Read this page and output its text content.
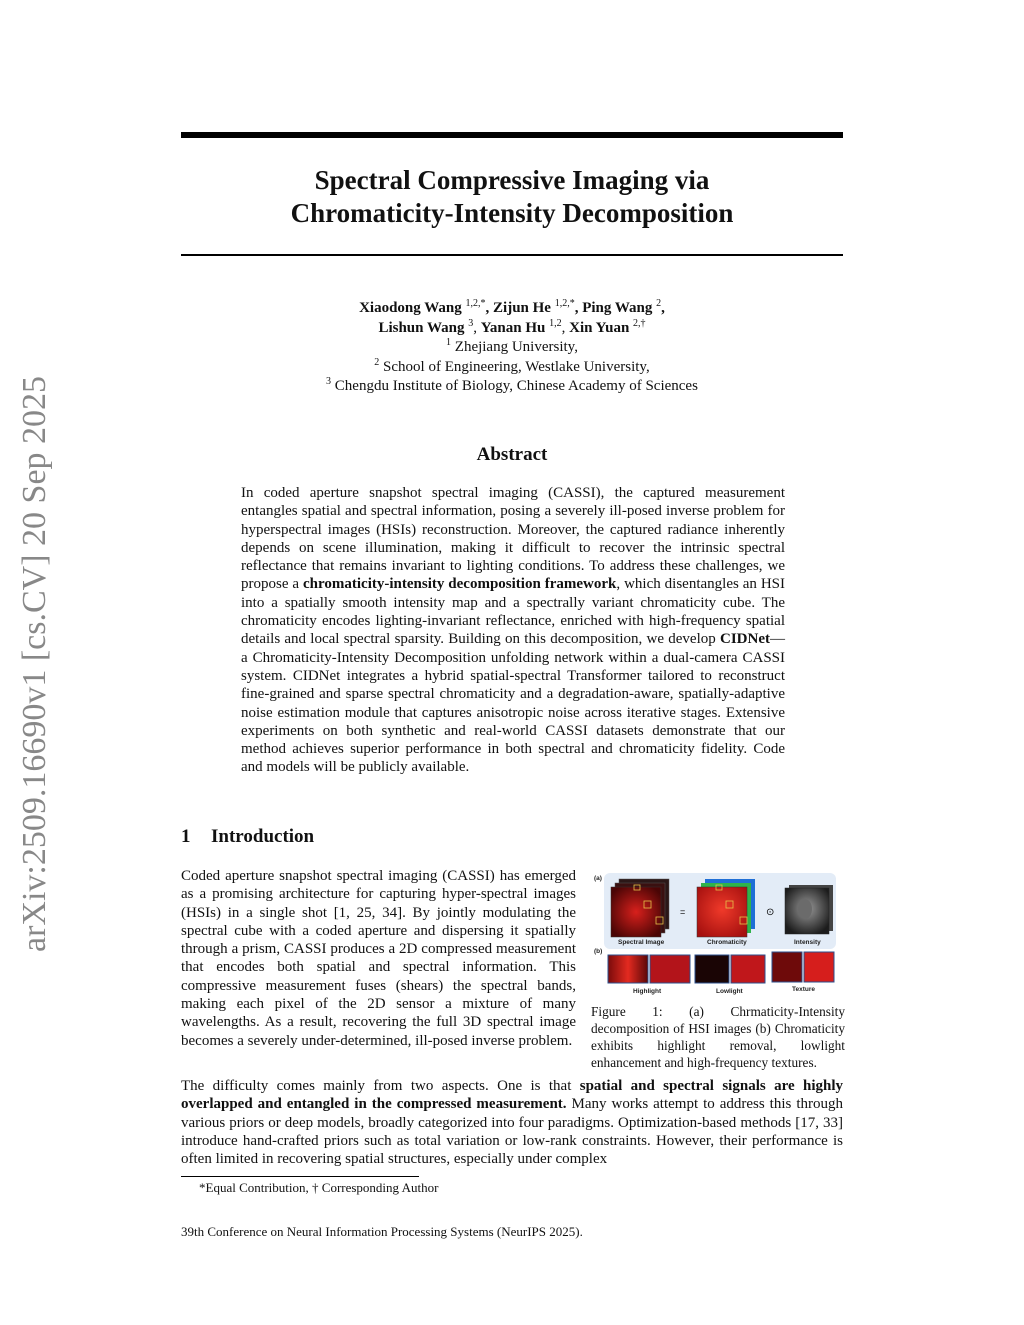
arXiv:2509.16690v1 [cs.CV] 20 Sep 2025
Spectral Compressive Imaging via
Chromaticity-Intensity Decomposition
Xiaodong Wang $^{1,2,*}$, Zijun He $^{1,2,*}$, Ping Wang $^2$,
Lishun Wang $^3$, Yanan Hu $^{1,2}$, Xin Yuan $^{2,\dagger}$
$^1$ Zhejiang University,
$^2$ School of Engineering, Westlake University,
$^3$ Chengdu Institute of Biology, Chinese Academy of Sciences
Abstract
In coded aperture snapshot spectral imaging (CASSI), the captured measurement entangles spatial and spectral information, posing a severely ill-posed inverse problem for hyperspectral images (HSIs) reconstruction. Moreover, the captured radiance inherently depends on scene illumination, making it difficult to recover the intrinsic spectral reflectance that remains invariant to lighting conditions. To address these challenges, we propose a chromaticity-intensity decomposition framework, which disentangles an HSI into a spatially smooth intensity map and a spectrally variant chromaticity cube. The chromaticity encodes lighting-invariant reflectance, enriched with high-frequency spatial details and local spectral sparsity. Building on this decomposition, we develop CIDNet—a Chromaticity-Intensity Decomposition unfolding network within a dual-camera CASSI system. CIDNet integrates a hybrid spatial-spectral Transformer tailored to reconstruct fine-grained and sparse spectral chromaticity and a degradation-aware, spatially-adaptive noise estimation module that captures anisotropic noise across iterative stages. Extensive experiments on both synthetic and real-world CASSI datasets demonstrate that our method achieves superior performance in both spectral and chromaticity fidelity. Code and models will be publicly available.
1 Introduction
Coded aperture snapshot spectral imaging (CASSI) has emerged as a promising architecture for capturing hyper-spectral images (HSIs) in a single shot [1, 25, 34]. By jointly modulating the spectral cube with a coded aperture and dispersing it spatially through a prism, CASSI produces a 2D compressed measurement that encodes both spatial and spectral information. This compressive measurement fuses (shears) the spectral bands, making each pixel of the 2D sensor a mixture of many wavelengths. As a result, recovering the full 3D spectral image becomes a severely under-determined, ill-posed inverse problem.
(a)
(b)
=	⊙
Spectral Image	Chromaticity	Intensity
Highlight	Lowlight	Texture
Figure 1: (a) Chrmaticity-Intensity decomposition of HSI images (b) Chromaticity exhibits highlight removal, lowlight enhancement and high-frequency textures.
The difficulty comes mainly from two aspects. One is that spatial and spectral signals are highly overlapped and entangled in the compressed measurement. Many works attempt to address this through various priors or deep models, broadly categorized into four paradigms. Optimization-based methods [17, 33] introduce hand-crafted priors such as total variation or low-rank constraints. However, their performance is often limited in recovering spatial structures, especially under complex
*Equal Contribution, † Corresponding Author
39th Conference on Neural Information Processing Systems (NeurIPS 2025).
